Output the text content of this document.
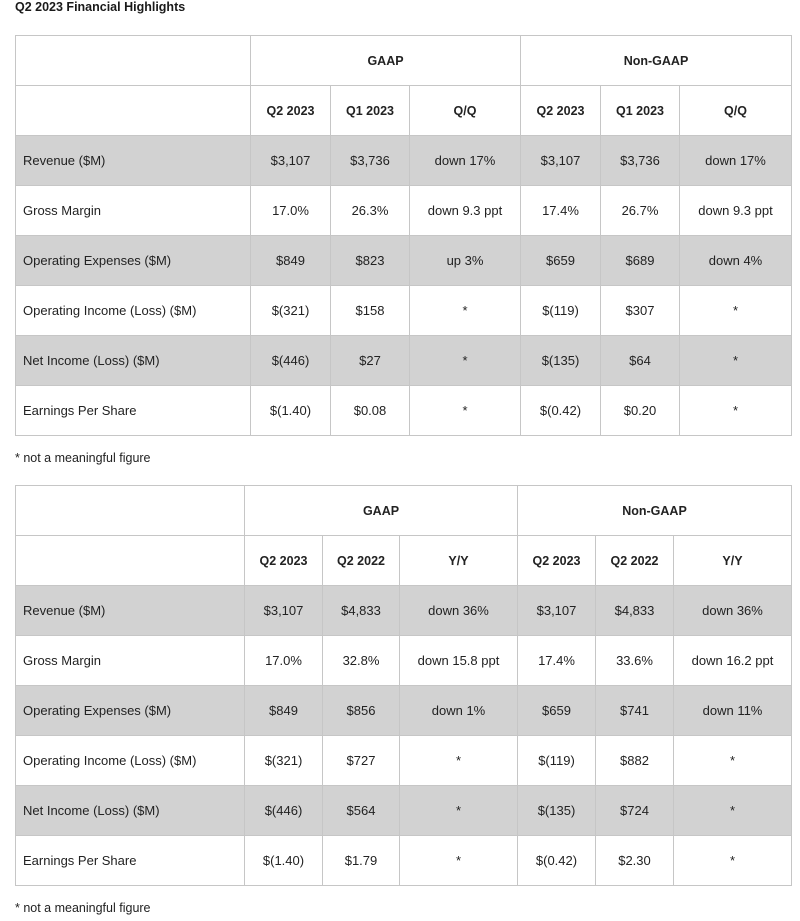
Q2 2023 Financial Highlights
	GAAP			Non-GAAP		
	Q2 2023	Q1 2023	Q/Q	Q2 2023	Q1 2023	Q/Q
Revenue ($M)	$3,107	$3,736	down 17%	$3,107	$3,736	down 17%
Gross Margin	17.0%	26.3%	down 9.3 ppt	17.4%	26.7%	down 9.3 ppt
Operating Expenses ($M)	$849	$823	up 3%	$659	$689	down 4%
Operating Income (Loss) ($M)	$(321)	$158	*	$(119)	$307	*
Net Income (Loss) ($M)	$(446)	$27	*	$(135)	$64	*
Earnings Per Share	$(1.40)	$0.08	*	$(0.42)	$0.20	*
* not a meaningful figure
	GAAP			Non-GAAP		
	Q2 2023	Q2 2022	Y/Y	Q2 2023	Q2 2022	Y/Y
Revenue ($M)	$3,107	$4,833	down 36%	$3,107	$4,833	down 36%
Gross Margin	17.0%	32.8%	down 15.8 ppt	17.4%	33.6%	down 16.2 ppt
Operating Expenses ($M)	$849	$856	down 1%	$659	$741	down 11%
Operating Income (Loss) ($M)	$(321)	$727	*	$(119)	$882	*
Net Income (Loss) ($M)	$(446)	$564	*	$(135)	$724	*
Earnings Per Share	$(1.40)	$1.79	*	$(0.42)	$2.30	*
* not a meaningful figure
